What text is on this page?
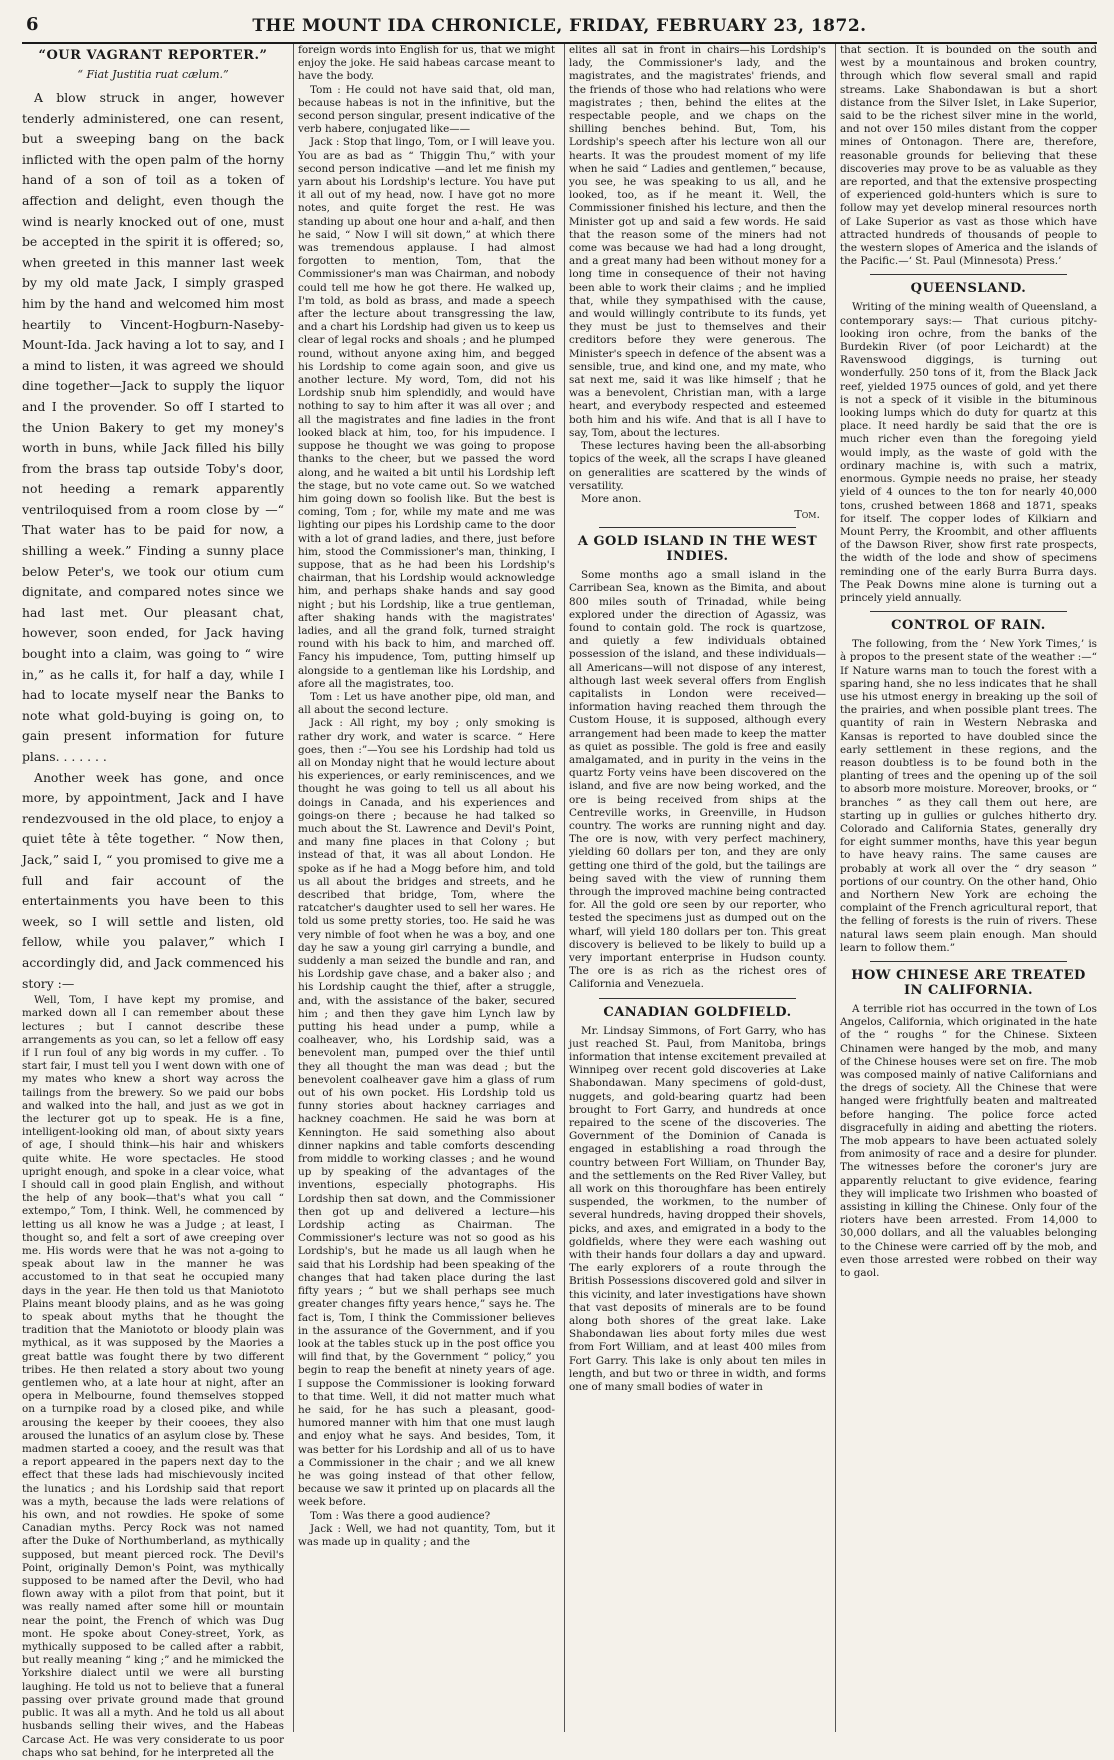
6	THE MOUNT IDA CHRONICLE, FRIDAY, FEBRUARY 23, 1872.
“OUR VAGRANT REPORTER.”
“ Fiat Justitia ruat cælum.”

A blow struck in anger, however tenderly administered, one can resent, but a sweeping bang on the back inflicted with the open palm of the horny hand of a son of toil as a token of affection and delight, even though the wind is nearly knocked out of one, must be accepted in the spirit it is offered; so, when greeted in this manner last week by my old mate Jack, I simply grasped him by the hand and welcomed him most heartily to Vincent-Hogburn-Naseby-Mount-Ida. Jack having a lot to say, and I a mind to listen, it was agreed we should dine together—Jack to supply the liquor and I the provender. So off I started to the Union Bakery to get my money's worth in buns, while Jack filled his billy from the brass tap outside Toby's door, not heeding a remark apparently ventriloquised from a room close by —“ That water has to be paid for now, a shilling a week.” Finding a sunny place below Peter's, we took our otium cum dignitate, and compared notes since we had last met. Our pleasant chat, however, soon ended, for Jack having bought into a claim, was going to “ wire in,” as he calls it, for half a day, while I had to locate myself near the Banks to note what gold-buying is going on, to gain present information for future plans. . . . . . .

Another week has gone, and once more, by appointment, Jack and I have rendezvoused in the old place, to enjoy a quiet tête à tête together. “ Now then, Jack,” said I, “ you promised to give me a full and fair account of the entertainments you have been to this week, so I will settle and listen, old fellow, while you palaver,” which I accordingly did, and Jack commenced his story :—

Well, Tom, I have kept my promise, and marked down all I can remember about these lectures ; but I cannot describe these arrangements as you can, so let a fellow off easy if I run foul of any big words in my cuffer. . To start fair, I must tell you I went down with one of my mates who knew a short way across the tailings from the brewery. So we paid our bobs and walked into the hall, and just as we got in the lecturer got up to speak. He is a fine, intelligent-looking old man, of about sixty years of age, I should think—his hair and whiskers quite white. He wore spectacles. He stood upright enough, and spoke in a clear voice, what I should call in good plain English, and without the help of any book—that's what you call “ extempo,” Tom, I think. Well, he commenced by letting us all know he was a Judge ; at least, I thought so, and felt a sort of awe creeping over me. His words were that he was not a-going to speak about law in the manner he was accustomed to in that seat he occupied many days in the year. He then told us that Maniototo Plains meant bloody plains, and as he was going to speak about myths that he thought the tradition that the Maniototo or bloody plain was mythical, as it was supposed by the Maories a great battle was fought there by two different tribes. He then related a story about two young gentlemen who, at a late hour at night, after an opera in Melbourne, found themselves stopped on a turnpike road by a closed pike, and while arousing the keeper by their cooees, they also aroused the lunatics of an asylum close by. These madmen started a cooey, and the result was that a report appeared in the papers next day to the effect that these lads had mischievously incited the lunatics ; and his Lordship said that report was a myth, because the lads were relations of his own, and not rowdies. He spoke of some Canadian myths. Percy Rock was not named after the Duke of Northumberland, as mythically supposed, but meant pierced rock. The Devil's Point, originally Demon's Point, was mythically supposed to be named after the Devil, who had flown away with a pilot from that point, but it was really named after some hill or mountain near the point, the French of which was Dug mont. He spoke about Coney-street, York, as mythically supposed to be called after a rabbit, but really meaning “ king ;” and he mimicked the Yorkshire dialect until we were all bursting laughing. He told us not to believe that a funeral passing over private ground made that ground public. It was all a myth. And he told us all about husbands selling their wives, and the Habeas Carcase Act. He was very considerate to us poor chaps who sat behind, for he interpreted all the

foreign words into English for us, that we might enjoy the joke. He said habeas carcase meant to have the body.

Tom : He could not have said that, old man, because habeas is not in the infinitive, but the second person singular, present indicative of the verb habere, conjugated like——

Jack : Stop that lingo, Tom, or I will leave you. You are as bad as “ Thiggin Thu,” with your second person indicative —and let me finish my yarn about his Lordship's lecture. You have put it all out of my head, now. I have got no more notes, and quite forget the rest. He was standing up about one hour and a-half, and then he said, “ Now I will sit down,” at which there was tremendous applause. I had almost forgotten to mention, Tom, that the Commissioner's man was Chairman, and nobody could tell me how he got there. He walked up, I'm told, as bold as brass, and made a speech after the lecture about transgressing the law, and a chart his Lordship had given us to keep us clear of legal rocks and shoals ; and he plumped round, without anyone axing him, and begged his Lordship to come again soon, and give us another lecture. My word, Tom, did not his Lordship snub him splendidly, and would have nothing to say to him after it was all over ; and all the magistrates and fine ladies in the front looked black at him, too, for his impudence. I suppose he thought we was going to propose thanks to the cheer, but we passed the word along, and he waited a bit until his Lordship left the stage, but no vote came out. So we watched him going down so foolish like. But the best is coming, Tom ; for, while my mate and me was lighting our pipes his Lordship came to the door with a lot of grand ladies, and there, just before him, stood the Commissioner's man, thinking, I suppose, that as he had been his Lordship's chairman, that his Lordship would acknowledge him, and perhaps shake hands and say good night ; but his Lordship, like a true gentleman, after shaking hands with the magistrates' ladies, and all the grand folk, turned straight round with his back to him, and marched off. Fancy his impudence, Tom, putting himself up alongside to a gentleman like his Lordship, and afore all the magistrates, too.

Tom : Let us have another pipe, old man, and all about the second lecture.

Jack : All right, my boy ; only smoking is rather dry work, and water is scarce. “ Here goes, then :”—You see his Lordship had told us all on Monday night that he would lecture about his experiences, or early reminiscences, and we thought he was going to tell us all about his doings in Canada, and his experiences and goings-on there ; because he had talked so much about the St. Lawrence and Devil's Point, and many fine places in that Colony ; but instead of that, it was all about London. He spoke as if he had a Mogg before him, and told us all about the bridges and streets, and he described that bridge, Tom, where the ratcatcher's daughter used to sell her wares. He told us some pretty stories, too. He said he was very nimble of foot when he was a boy, and one day he saw a young girl carrying a bundle, and suddenly a man seized the bundle and ran, and his Lordship gave chase, and a baker also ; and his Lordship caught the thief, after a struggle, and, with the assistance of the baker, secured him ; and then they gave him Lynch law by putting his head under a pump, while a coalheaver, who, his Lordship said, was a benevolent man, pumped over the thief until they all thought the man was dead ; but the benevolent coalheaver gave him a glass of rum out of his own pocket. His Lordship told us funny stories about hackney carriages and hackney coachmen. He said he was born at Kennington. He said something also about dinner napkins and table comforts descending from middle to working classes ; and he wound up by speaking of the advantages of the inventions, especially photographs. His Lordship then sat down, and the Commissioner then got up and delivered a lecture—his Lordship acting as Chairman. The Commissioner's lecture was not so good as his Lordship's, but he made us all laugh when he said that his Lordship had been speaking of the changes that had taken place during the last fifty years ; “ but we shall perhaps see much greater changes fifty years hence,” says he. The fact is, Tom, I think the Commissioner believes in the assurance of the Government, and if you look at the tables stuck up in the post office you will find that, by the Government “ policy,” you begin to reap the benefit at ninety years of age. I suppose the Commissioner is looking forward to that time. Well, it did not matter much what he said, for he has such a pleasant, good-humored manner with him that one must laugh and enjoy what he says. And besides, Tom, it was better for his Lordship and all of us to have a Commissioner in the chair ; and we all knew he was going instead of that other fellow, because we saw it printed up on placards all the week before.

Tom : Was there a good audience?

Jack : Well, we had not quantity, Tom, but it was made up in quality ; and the

elites all sat in front in chairs—his Lordship's lady, the Commissioner's lady, and the magistrates, and the magistrates' friends, and the friends of those who had relations who were magistrates ; then, behind the elites at the respectable people, and we chaps on the shilling benches behind. But, Tom, his Lordship's speech after his lecture won all our hearts. It was the proudest moment of my life when he said “ Ladies and gentlemen,” because, you see, he was speaking to us all, and he looked, too, as if he meant it. Well, the Commissioner finished his lecture, and then the Minister got up and said a few words. He said that the reason some of the miners had not come was because we had had a long drought, and a great many had been without money for a long time in consequence of their not having been able to work their claims ; and he implied that, while they sympathised with the cause, and would willingly contribute to its funds, yet they must be just to themselves and their creditors before they were generous. The Minister's speech in defence of the absent was a sensible, true, and kind one, and my mate, who sat next me, said it was like himself ; that he was a benevolent, Christian man, with a large heart, and everybody respected and esteemed both him and his wife. And that is all I have to say, Tom, about the lectures.

These lectures having been the all-absorbing topics of the week, all the scraps I have gleaned on generalities are scattered by the winds of versatility.

More anon.

Tom.
A GOLD ISLAND IN THE WEST INDIES.

Some months ago a small island in the Carribean Sea, known as the Bimita, and about 800 miles south of Trinadad, while being explored under the direction of Agassiz, was found to contain gold. The rock is quartzose, and quietly a few individuals obtained possession of the island, and these individuals—all Americans—will not dispose of any interest, although last week several offers from English capitalists in London were received—information having reached them through the Custom House, it is supposed, although every arrangement had been made to keep the matter as quiet as possible. The gold is free and easily amalgamated, and in purity in the veins in the quartz Forty veins have been discovered on the island, and five are now being worked, and the ore is being received from ships at the Centreville works, in Greenville, in Hudson country. The works are running night and day. The ore is now, with very perfect machinery, yielding 60 dollars per ton, and they are only getting one third of the gold, but the tailings are being saved with the view of running them through the improved machine being contracted for. All the gold ore seen by our reporter, who tested the specimens just as dumped out on the wharf, will yield 180 dollars per ton. This great discovery is believed to be likely to build up a very important enterprise in Hudson county. The ore is as rich as the richest ores of California and Venezuela.

CANADIAN GOLDFIELD.

Mr. Lindsay Simmons, of Fort Garry, who has just reached St. Paul, from Manitoba, brings information that intense excitement prevailed at Winnipeg over recent gold discoveries at Lake Shabondawan. Many specimens of gold-dust, nuggets, and gold-bearing quartz had been brought to Fort Garry, and hundreds at once repaired to the scene of the discoveries. The Government of the Dominion of Canada is engaged in establishing a road through the country between Fort William, on Thunder Bay, and the settlements on the Red River Valley, but all work on this thoroughfare has been entirely suspended, the workmen, to the number of several hundreds, having dropped their shovels, picks, and axes, and emigrated in a body to the goldfields, where they were each washing out with their hands four dollars a day and upward. The early explorers of a route through the British Possessions discovered gold and silver in this vicinity, and later investigations have shown that vast deposits of minerals are to be found along both shores of the great lake. Lake Shabondawan lies about forty miles due west from Fort William, and at least 400 miles from Fort Garry. This lake is only about ten miles in length, and but two or three in width, and forms one of many small bodies of water in

that section. It is bounded on the south and west by a mountainous and broken country, through which flow several small and rapid streams. Lake Shabondawan is but a short distance from the Silver Islet, in Lake Superior, said to be the richest silver mine in the world, and not over 150 miles distant from the copper mines of Ontonagon. There are, therefore, reasonable grounds for believing that these discoveries may prove to be as valuable as they are reported, and that the extensive prospecting of experienced gold-hunters which is sure to follow may yet develop mineral resources north of Lake Superior as vast as those which have attracted hundreds of thousands of people to the western slopes of America and the islands of the Pacific.—‘ St. Paul (Minnesota) Press.’

QUEENSLAND.

Writing of the mining wealth of Queensland, a contemporary says:— That curious pitchy-looking iron ochre, from the banks of the Burdekin River (of poor Leichardt) at the Ravenswood diggings, is turning out wonderfully. 250 tons of it, from the Black Jack reef, yielded 1975 ounces of gold, and yet there is not a speck of it visible in the bituminous looking lumps which do duty for quartz at this place. It need hardly be said that the ore is much richer even than the foregoing yield would imply, as the waste of gold with the ordinary machine is, with such a matrix, enormous. Gympie needs no praise, her steady yield of 4 ounces to the ton for nearly 40,000 tons, crushed between 1868 and 1871, speaks for itself. The copper lodes of Kilkiarn and Mount Perry, the Kroombit, and other affluents of the Dawson River, show first rate prospects, the width of the lode and show of specimens reminding one of the early Burra Burra days. The Peak Downs mine alone is turning out a princely yield annually.

CONTROL OF RAIN.

The following, from the ‘ New York Times,’ is à propos to the present state of the weather :—“ If Nature warns man to touch the forest with a sparing hand, she no less indicates that he shall use his utmost energy in breaking up the soil of the prairies, and when possible plant trees. The quantity of rain in Western Nebraska and Kansas is reported to have doubled since the early settlement in these regions, and the reason doubtless is to be found both in the planting of trees and the opening up of the soil to absorb more moisture. Moreover, brooks, or “ branches ” as they call them out here, are starting up in gullies or gulches hitherto dry. Colorado and California States, generally dry for eight summer months, have this year begun to have heavy rains. The same causes are probably at work all over the “ dry season ” portions of our country. On the other hand, Ohio and Northern New York are echoing the complaint of the French agricultural report, that the felling of forests is the ruin of rivers. These natural laws seem plain enough. Man should learn to follow them.”

HOW CHINESE ARE TREATED IN CALIFORNIA.

A terrible riot has occurred in the town of Los Angelos, California, which originated in the hate of the “ roughs ” for the Chinese. Sixteen Chinamen were hanged by the mob, and many of the Chinese houses were set on fire. The mob was composed mainly of native Californians and the dregs of society. All the Chinese that were hanged were frightfully beaten and maltreated before hanging. The police force acted disgracefully in aiding and abetting the rioters. The mob appears to have been actuated solely from animosity of race and a desire for plunder. The witnesses before the coroner's jury are apparently reluctant to give evidence, fearing they will implicate two Irishmen who boasted of assisting in killing the Chinese. Only four of the rioters have been arrested. From 14,000 to 30,000 dollars, and all the valuables belonging to the Chinese were carried off by the mob, and even those arrested were robbed on their way to gaol.
